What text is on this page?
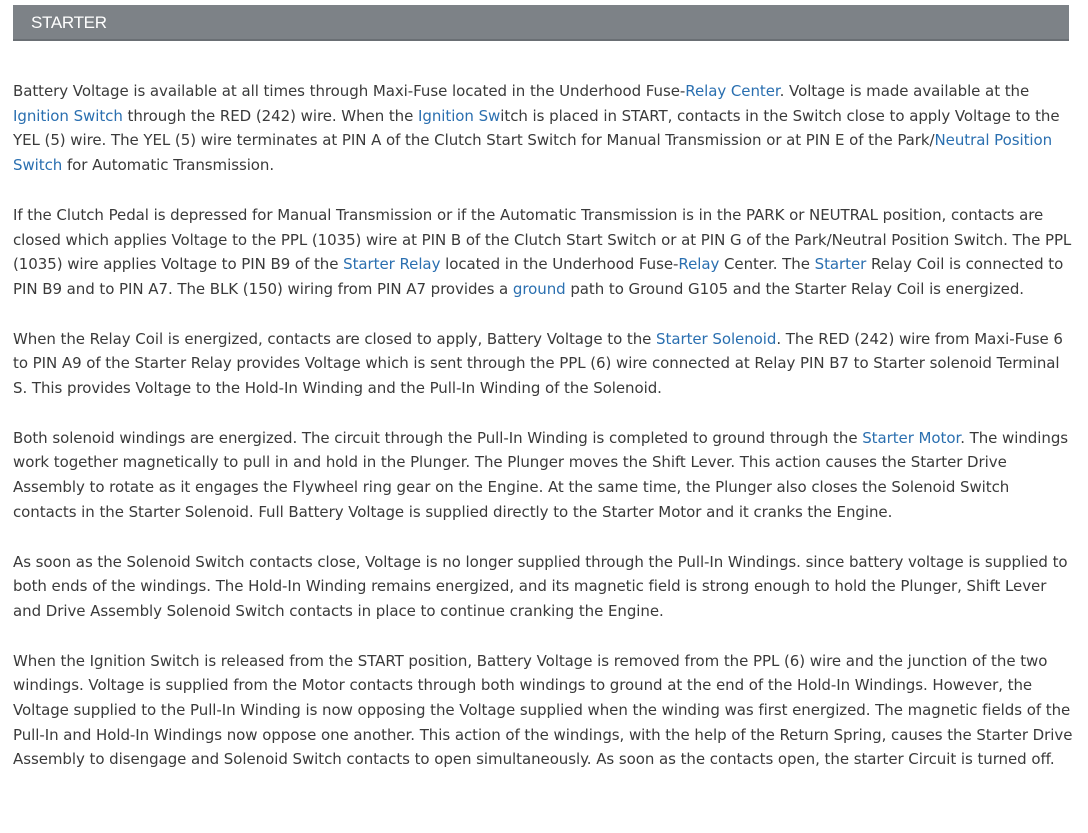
STARTER

Battery Voltage is available at all times through Maxi-Fuse located in the Underhood Fuse-Relay Center. Voltage is made available at the Ignition Switch through the RED (242) wire. When the Ignition Switch is placed in START, contacts in the Switch close to apply Voltage to the YEL (5) wire. The YEL (5) wire terminates at PIN A of the Clutch Start Switch for Manual Transmission or at PIN E of the Park/Neutral Position Switch for Automatic Transmission.

If the Clutch Pedal is depressed for Manual Transmission or if the Automatic Transmission is in the PARK or NEUTRAL position, contacts are closed which applies Voltage to the PPL (1035) wire at PIN B of the Clutch Start Switch or at PIN G of the Park/Neutral Position Switch. The PPL (1035) wire applies Voltage to PIN B9 of the Starter Relay located in the Underhood Fuse-Relay Center. The Starter Relay Coil is connected to PIN B9 and to PIN A7. The BLK (150) wiring from PIN A7 provides a ground path to Ground G105 and the Starter Relay Coil is energized.

When the Relay Coil is energized, contacts are closed to apply, Battery Voltage to the Starter Solenoid. The RED (242) wire from Maxi-Fuse 6 to PIN A9 of the Starter Relay provides Voltage which is sent through the PPL (6) wire connected at Relay PIN B7 to Starter solenoid Terminal S. This provides Voltage to the Hold-In Winding and the Pull-In Winding of the Solenoid.

Both solenoid windings are energized. The circuit through the Pull-In Winding is completed to ground through the Starter Motor. The windings work together magnetically to pull in and hold in the Plunger. The Plunger moves the Shift Lever. This action causes the Starter Drive Assembly to rotate as it engages the Flywheel ring gear on the Engine. At the same time, the Plunger also closes the Solenoid Switch contacts in the Starter Solenoid. Full Battery Voltage is supplied directly to the Starter Motor and it cranks the Engine.

As soon as the Solenoid Switch contacts close, Voltage is no longer supplied through the Pull-In Windings. since battery voltage is supplied to both ends of the windings. The Hold-In Winding remains energized, and its magnetic field is strong enough to hold the Plunger, Shift Lever and Drive Assembly Solenoid Switch contacts in place to continue cranking the Engine.

When the Ignition Switch is released from the START position, Battery Voltage is removed from the PPL (6) wire and the junction of the two windings. Voltage is supplied from the Motor contacts through both windings to ground at the end of the Hold-In Windings. However, the Voltage supplied to the Pull-In Winding is now opposing the Voltage supplied when the winding was first energized. The magnetic fields of the Pull-In and Hold-In Windings now oppose one another. This action of the windings, with the help of the Return Spring, causes the Starter Drive Assembly to disengage and Solenoid Switch contacts to open simultaneously. As soon as the contacts open, the starter Circuit is turned off.
